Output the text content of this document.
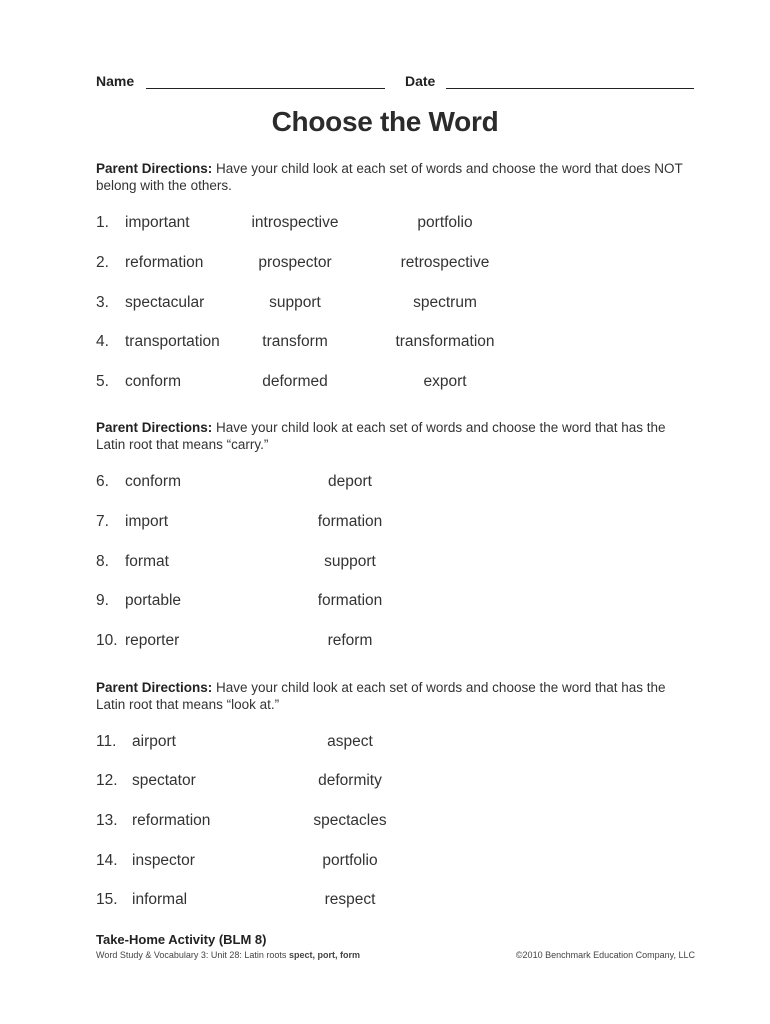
Name	Date
Choose the Word
Parent Directions: Have your child look at each set of words and choose the word that does NOT belong with the others.
1. important	introspective	portfolio
2. reformation	prospector	retrospective
3. spectacular	support	spectrum
4. transportation	transform	transformation
5. conform	deformed	export
Parent Directions: Have your child look at each set of words and choose the word that has the Latin root that means “carry.”
6. conform	deport
7. import	formation
8. format	support
9. portable	formation
10. reporter	reform
Parent Directions: Have your child look at each set of words and choose the word that has the Latin root that means “look at.”
11. airport	aspect
12. spectator	deformity
13. reformation	spectacles
14. inspector	portfolio
15. informal	respect
Take-Home Activity (BLM 8)
Word Study & Vocabulary 3: Unit 28: Latin roots spect, port, form	©2010 Benchmark Education Company, LLC
